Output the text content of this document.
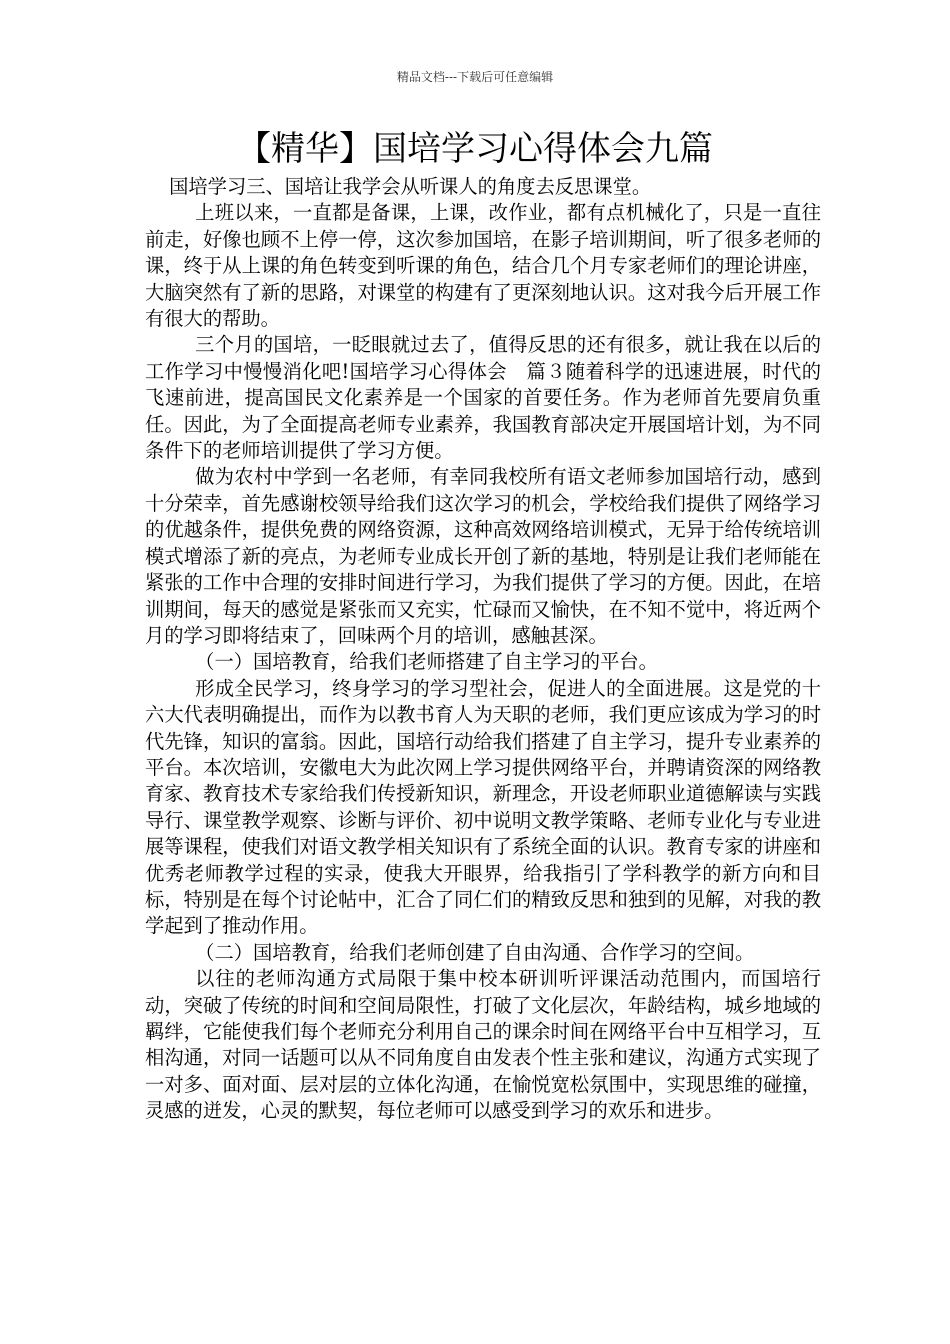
精品文档---下载后可任意编辑
【精华】国培学习心得体会九篇

国培学习三、国培让我学会从听课人的角度去反思课堂。

上班以来，一直都是备课，上课，改作业，都有点机械化了，只是一直往前走，好像也顾不上停一停，这次参加国培，在影子培训期间，听了很多老师的课，终于从上课的角色转变到听课的角色，结合几个月专家老师们的理论讲座，大脑突然有了新的思路，对课堂的构建有了更深刻地认识。这对我今后开展工作有很大的帮助。

三个月的国培，一眨眼就过去了，值得反思的还有很多，就让我在以后的工作学习中慢慢消化吧!国培学习心得体会　篇３随着科学的迅速进展，时代的飞速前进，提高国民文化素养是一个国家的首要任务。作为老师首先要肩负重任。因此，为了全面提高老师专业素养，我国教育部决定开展国培计划，为不同条件下的老师培训提供了学习方便。

做为农村中学到一名老师，有幸同我校所有语文老师参加国培行动，感到十分荣幸，首先感谢校领导给我们这次学习的机会，学校给我们提供了网络学习的优越条件，提供免费的网络资源，这种高效网络培训模式，无异于给传统培训模式增添了新的亮点，为老师专业成长开创了新的基地，特别是让我们老师能在紧张的工作中合理的安排时间进行学习，为我们提供了学习的方便。因此，在培训期间，每天的感觉是紧张而又充实，忙碌而又愉快，在不知不觉中，将近两个月的学习即将结束了，回味两个月的培训，感触甚深。

（一）国培教育，给我们老师搭建了自主学习的平台。

形成全民学习，终身学习的学习型社会，促进人的全面进展。这是党的十六大代表明确提出，而作为以教书育人为天职的老师，我们更应该成为学习的时代先锋，知识的富翁。因此，国培行动给我们搭建了自主学习，提升专业素养的平台。本次培训，安徽电大为此次网上学习提供网络平台，并聘请资深的网络教育家、教育技术专家给我们传授新知识，新理念，开设老师职业道德解读与实践导行、课堂教学观察、诊断与评价、初中说明文教学策略、老师专业化与专业进展等课程，使我们对语文教学相关知识有了系统全面的认识。教育专家的讲座和优秀老师教学过程的实录，使我大开眼界，给我指引了学科教学的新方向和目标，特别是在每个讨论帖中，汇合了同仁们的精致反思和独到的见解，对我的教学起到了推动作用。

（二）国培教育，给我们老师创建了自由沟通、合作学习的空间。

以往的老师沟通方式局限于集中校本研训听评课活动范围内，而国培行动，突破了传统的时间和空间局限性，打破了文化层次，年龄结构，城乡地域的羁绊，它能使我们每个老师充分利用自己的课余时间在网络平台中互相学习，互相沟通，对同一话题可以从不同角度自由发表个性主张和建议，沟通方式实现了一对多、面对面、层对层的立体化沟通，在愉悦宽松氛围中，实现思维的碰撞，灵感的迸发，心灵的默契，每位老师可以感受到学习的欢乐和进步。
